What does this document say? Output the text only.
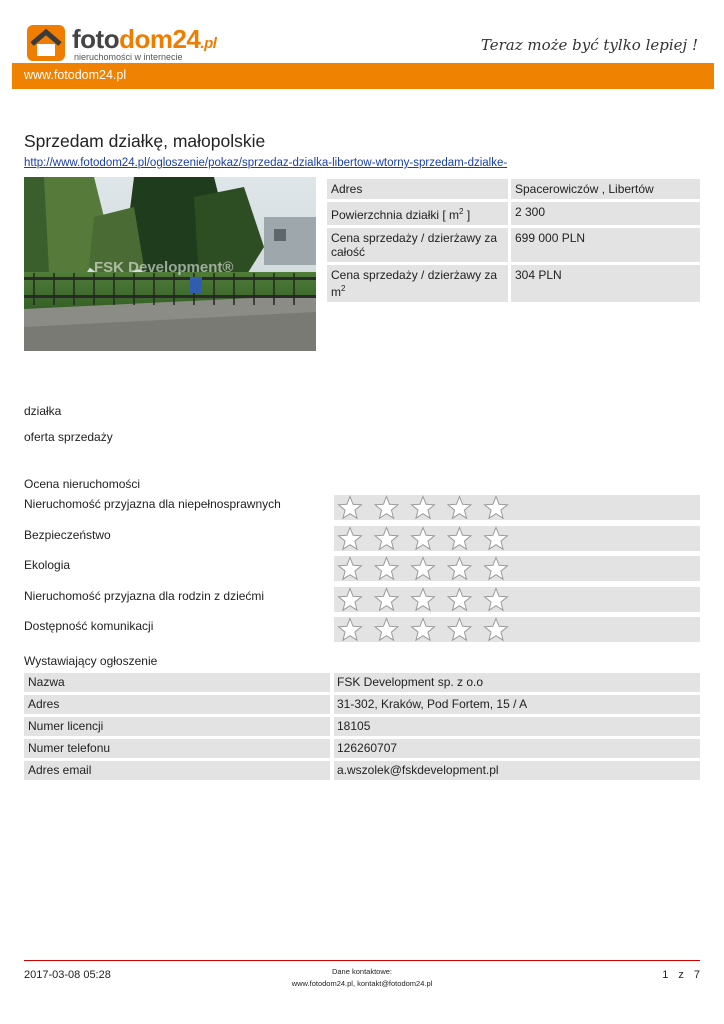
fotodom24.pl
nieruchomości w internecie
Teraz może być tylko lepiej !
www.fotodom24.pl
Sprzedam działkę, małopolskie
http://www.fotodom24.pl/ogloszenie/pokaz/sprzedaz-dzialka-libertow-wtorny-sprzedam-dzialke-
FSK Development®
Adres		Spacerowiczów , Libertów
Powierzchnia działki [ $m^2$ ]		2 300
Cena sprzedaży / dzierżawy za całość		699 000 PLN
Cena sprzedaży / dzierżawy za $m^2$		304 PLN
działka
oferta sprzedaży
Ocena nieruchomości
Nieruchomość przyjazna dla niepełnosprawnych
Bezpieczeństwo
Ekologia
Nieruchomość przyjazna dla rodzin z dziećmi
Dostępność komunikacji
Wystawiający ogłoszenie
Nazwa	FSK Development sp. z o.o
Adres	31-302, Kraków, Pod Fortem, 15 / A
Numer licencji	18105
Numer telefonu	126260707
Adres email	a.wszolek@fskdevelopment.pl
2017-03-08 05:28	Dane kontaktowe:
www.fotodom24.pl, kontakt@fotodom24.pl
1 z 7
